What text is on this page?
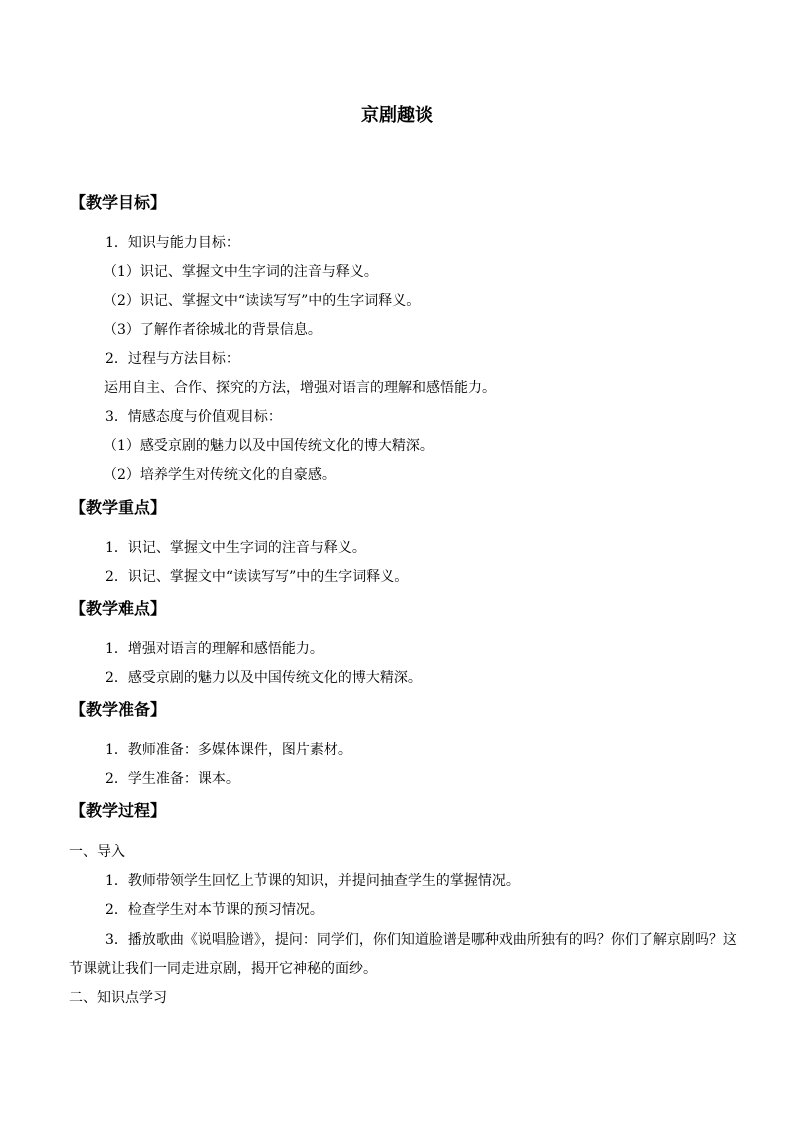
京剧趣谈
【教学目标】
1．知识与能力目标：
（1）识记、掌握文中生字词的注音与释义。
（2）识记、掌握文中“读读写写”中的生字词释义。
（3）了解作者徐城北的背景信息。
2．过程与方法目标：
运用自主、合作、探究的方法，增强对语言的理解和感悟能力。
3．情感态度与价值观目标：
（1）感受京剧的魅力以及中国传统文化的博大精深。
（2）培养学生对传统文化的自豪感。
【教学重点】
1．识记、掌握文中生字词的注音与释义。
2．识记、掌握文中“读读写写”中的生字词释义。
【教学难点】
1．增强对语言的理解和感悟能力。
2．感受京剧的魅力以及中国传统文化的博大精深。
【教学准备】
1．教师准备：多媒体课件，图片素材。
2．学生准备：课本。
【教学过程】
一、导入
1．教师带领学生回忆上节课的知识，并提问抽查学生的掌握情况。
2．检查学生对本节课的预习情况。
3．播放歌曲《说唱脸谱》，提问：同学们，你们知道脸谱是哪种戏曲所独有的吗？你们了解京剧吗？这节课就让我们一同走进京剧，揭开它神秘的面纱。
二、知识点学习
